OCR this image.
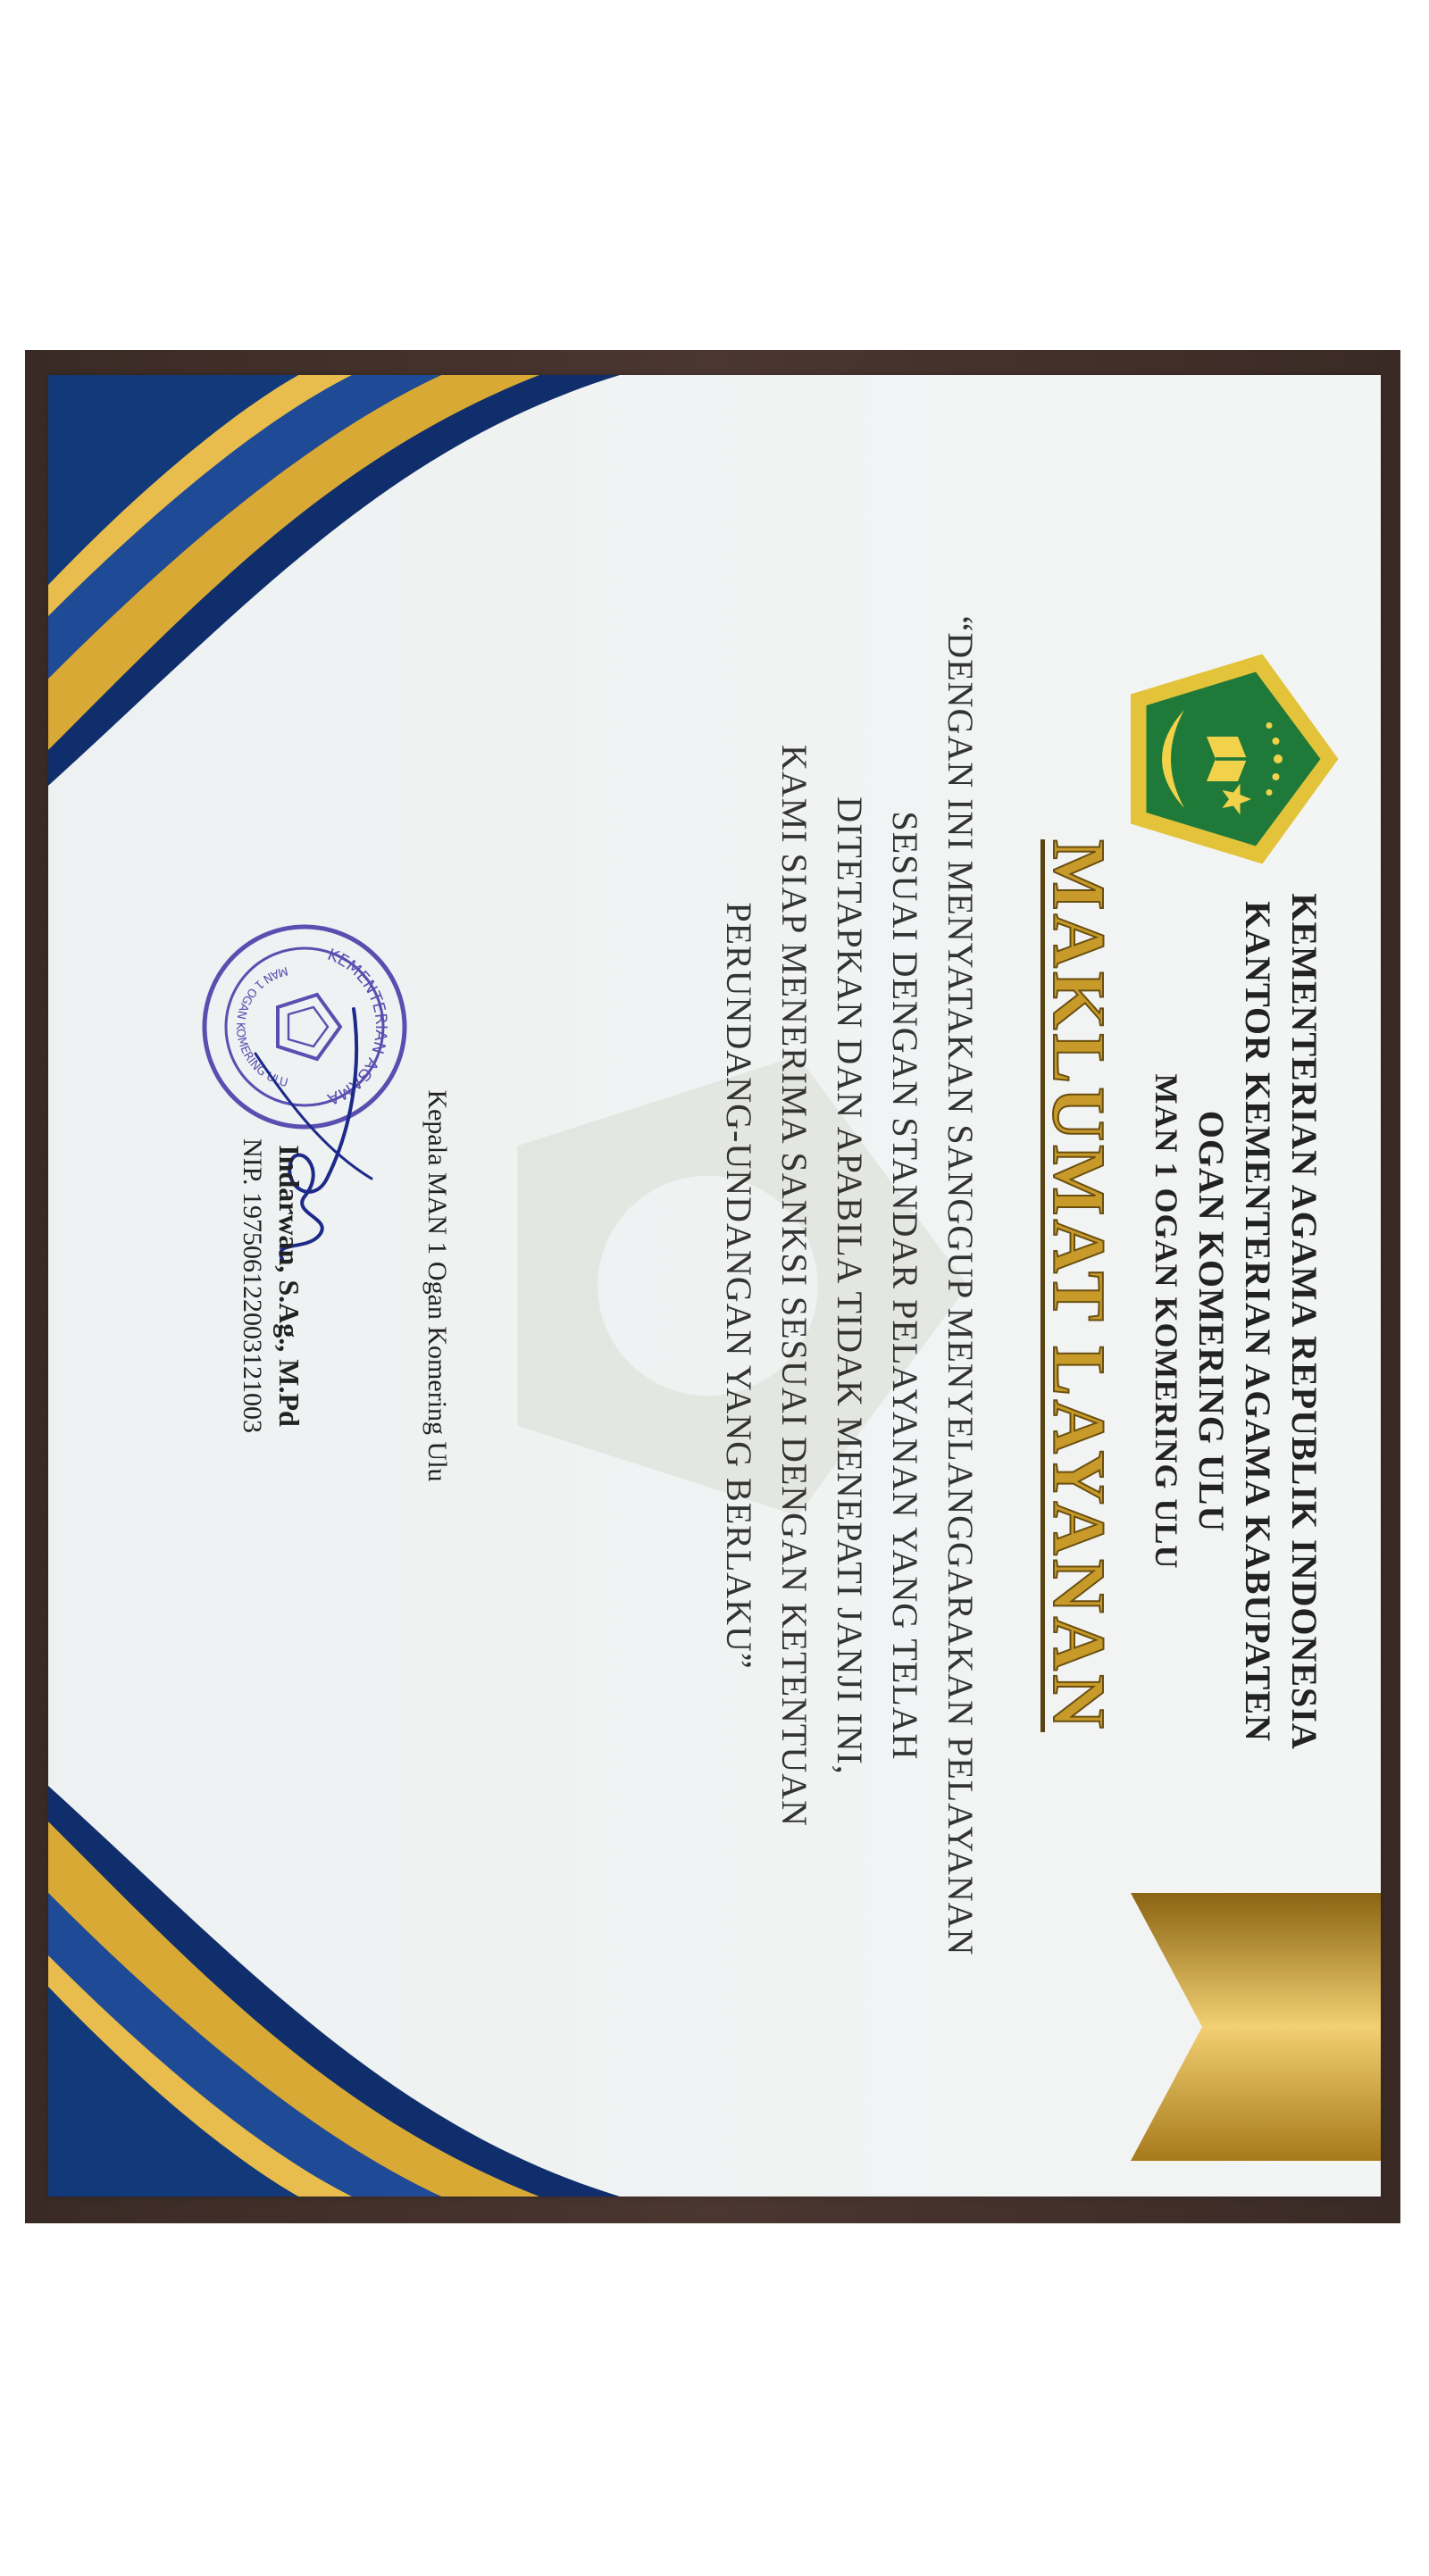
KEMENTERIAN AGAMA REPUBLIK INDONESIA
KANTOR KEMENTERIAN AGAMA KABUPATEN OGAN KOMERING ULU
MAN 1 OGAN KOMERING ULU
MAKLUMAT LAYANAN

“DENGAN INI MENYATAKAN SANGGUP MENYELANGGARAKAN PELAYANAN

SESUAI DENGAN STANDAR PELAYANAN YANG TELAH

DITETAPKAN DAN APABILA TIDAK MENEPATI JANJI INI,

KAMI SIAP MENERIMA SANKSI SESUAI DENGAN KETENTUAN

PERUNDANG-UNDANGAN YANG BERLAKU”

KEMENTERIAN AGAMA
MAN 1 OGAN KOMERING ULU
Kepala MAN 1 Ogan Komering Ulu
Indarwan, S.Ag., M.Pd
NIP. 197506122003121003
